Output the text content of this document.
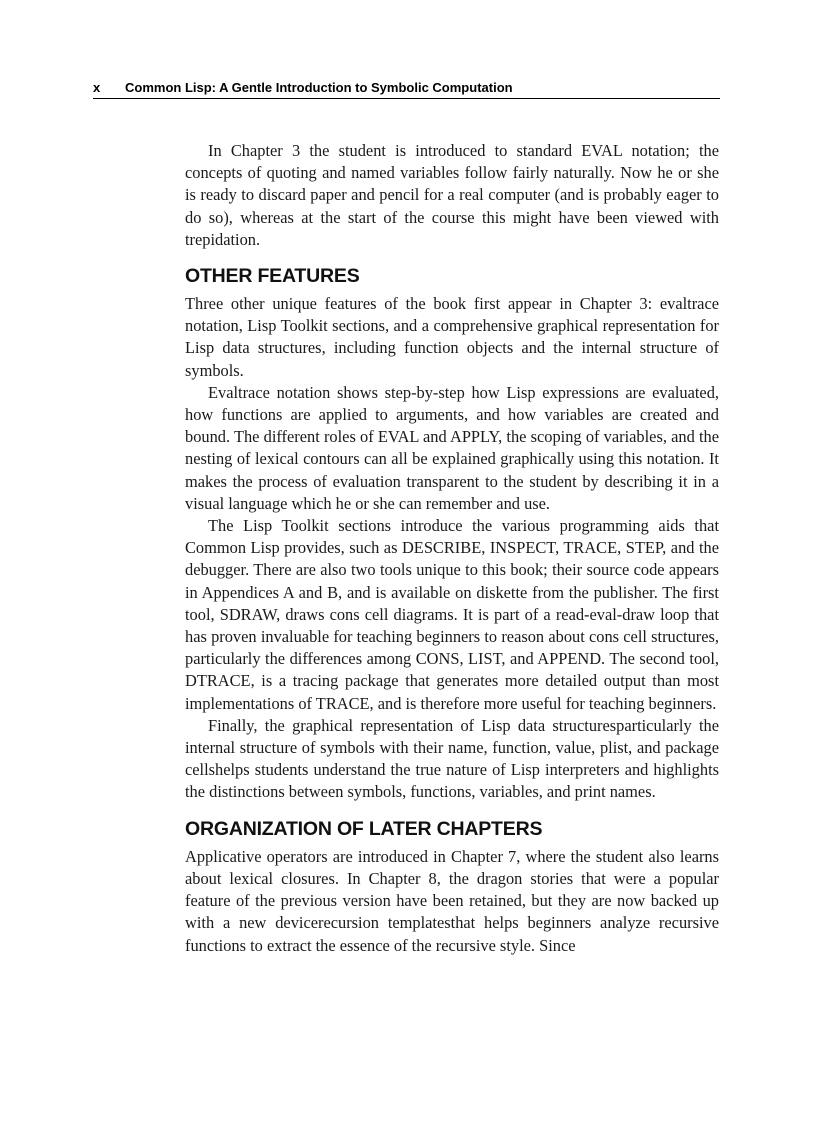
x Common Lisp: A Gentle Introduction to Symbolic Computation

In Chapter 3 the student is introduced to standard EVAL notation; the concepts of quoting and named variables follow fairly naturally. Now he or she is ready to discard paper and pencil for a real computer (and is probably eager to do so), whereas at the start of the course this might have been viewed with trepidation.

OTHER FEATURES

Three other unique features of the book first appear in Chapter 3: evaltrace notation, Lisp Toolkit sections, and a comprehensive graphical representation for Lisp data structures, including function objects and the internal structure of symbols.

Evaltrace notation shows step-by-step how Lisp expressions are evaluated, how functions are applied to arguments, and how variables are created and bound. The different roles of EVAL and APPLY, the scoping of variables, and the nesting of lexical contours can all be explained graphically using this notation. It makes the process of evaluation transparent to the student by describing it in a visual language which he or she can remember and use.

The Lisp Toolkit sections introduce the various programming aids that Common Lisp provides, such as DESCRIBE, INSPECT, TRACE, STEP, and the debugger. There are also two tools unique to this book; their source code appears in Appendices A and B, and is available on diskette from the publisher. The first tool, SDRAW, draws cons cell diagrams. It is part of a read-eval-draw loop that has proven invaluable for teaching beginners to reason about cons cell structures, particularly the differences among CONS, LIST, and APPEND. The second tool, DTRACE, is a tracing package that generates more detailed output than most implementations of TRACE, and is therefore more useful for teaching beginners.

Finally, the graphical representation of Lisp data structuresparticularly the internal structure of symbols with their name, function, value, plist, and package cellshelps students understand the true nature of Lisp interpreters and highlights the distinctions between symbols, functions, variables, and print names.

ORGANIZATION OF LATER CHAPTERS

Applicative operators are introduced in Chapter 7, where the student also learns about lexical closures. In Chapter 8, the dragon stories that were a popular feature of the previous version have been retained, but they are now backed up with a new devicerecursion templatesthat helps beginners analyze recursive functions to extract the essence of the recursive style. Since
